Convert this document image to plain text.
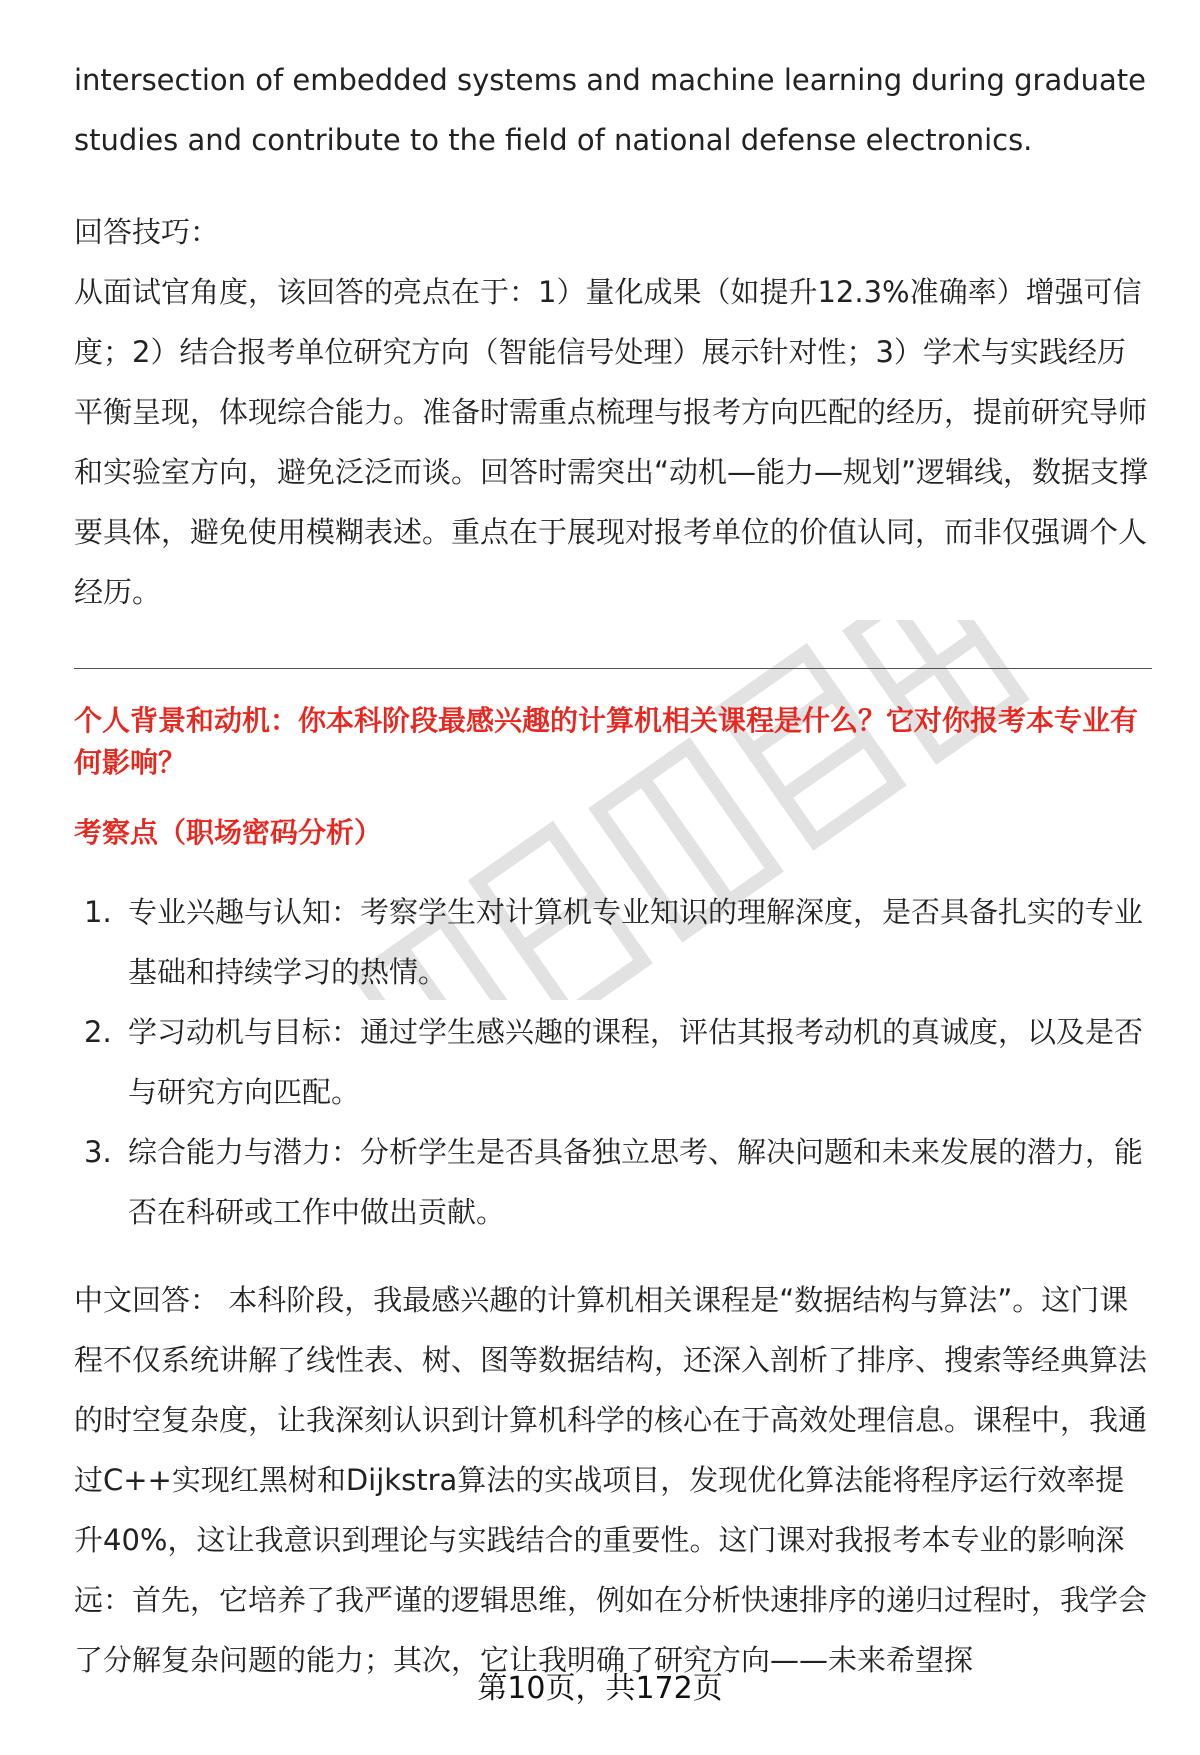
intersection of embedded systems and machine learning during graduate studies and contribute to the field of national defense electronics.

回答技巧：

从面试官角度，该回答的亮点在于：1）量化成果（如提升12.3%准确率）增强可信度；2）结合报考单位研究方向（智能信号处理）展示针对性；3）学术与实践经历平衡呈现，体现综合能力。准备时需重点梳理与报考方向匹配的经历，提前研究导师和实验室方向，避免泛泛而谈。回答时需突出“动机—能力—规划”逻辑线，数据支撑要具体，避免使用模糊表述。重点在于展现对报考单位的价值认同，而非仅强调个人经历。

个人背景和动机：你本科阶段最感兴趣的计算机相关课程是什么？它对你报考本专业有何影响？
考察点（职场密码分析）
1. 专业兴趣与认知：考察学生对计算机专业知识的理解深度，是否具备扎实的专业基础和持续学习的热情。
2. 学习动机与目标：通过学生感兴趣的课程，评估其报考动机的真诚度，以及是否与研究方向匹配。
3. 综合能力与潜力：分析学生是否具备独立思考、解决问题和未来发展的潜力，能否在科研或工作中做出贡献。

中文回答： 本科阶段，我最感兴趣的计算机相关课程是“数据结构与算法”。这门课程不仅系统讲解了线性表、树、图等数据结构，还深入剖析了排序、搜索等经典算法的时空复杂度，让我深刻认识到计算机科学的核心在于高效处理信息。课程中，我通过C++实现红黑树和Dijkstra算法的实战项目，发现优化算法能将程序运行效率提升40%，这让我意识到理论与实践结合的重要性。这门课对我报考本专业的影响深远：首先，它培养了我严谨的逻辑思维，例如在分析快速排序的递归过程时，我学会了分解复杂问题的能力；其次，它让我明确了研究方向——未来希望探

第10页，共172页
